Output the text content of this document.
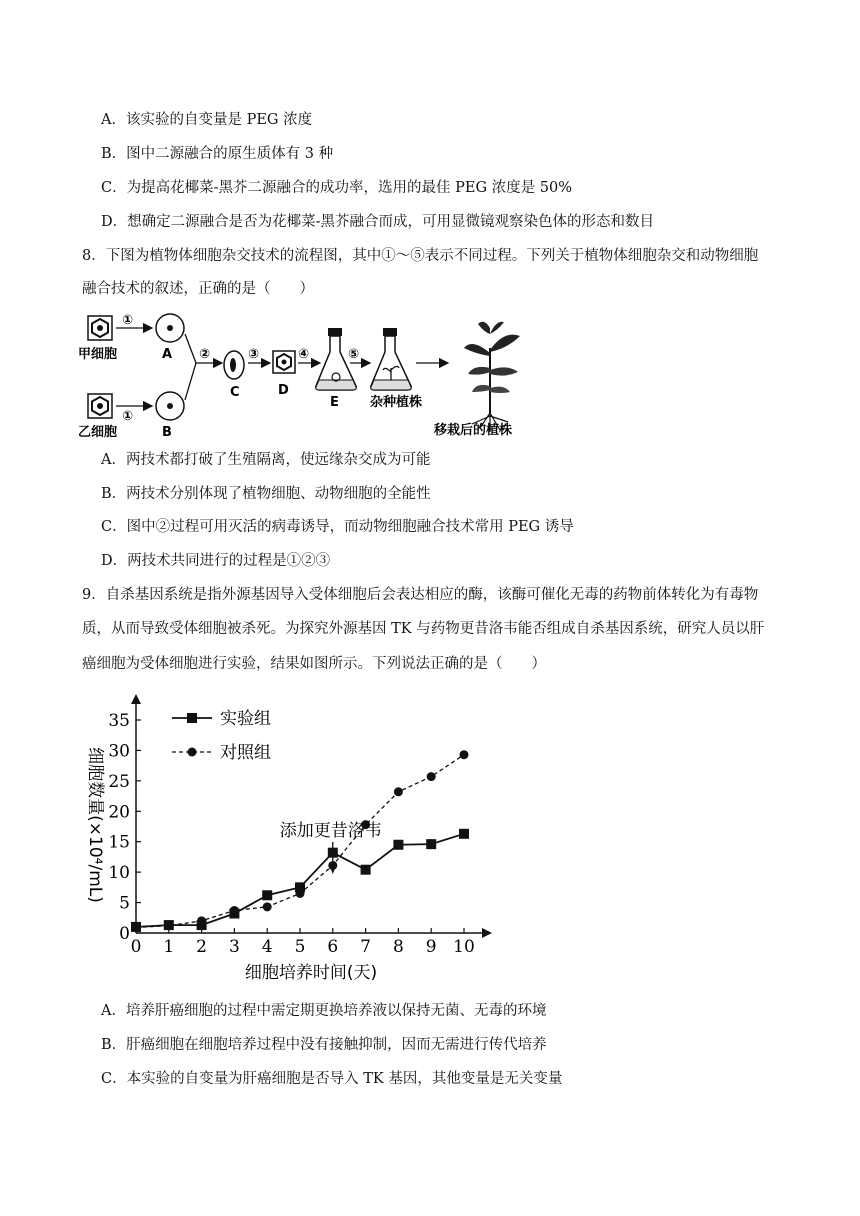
A．该实验的自变量是 PEG 浓度
B．图中二源融合的原生质体有 3 种
C．为提高花椰菜-黑芥二源融合的成功率，选用的最佳 PEG 浓度是 50%
D．想确定二源融合是否为花椰菜-黑芥融合而成，可用显微镜观察染色体的形态和数目
8．下图为植物体细胞杂交技术的流程图，其中①～⑤表示不同过程。下列关于植物体细胞杂交和动物细胞
融合技术的叙述，正确的是（　　）
甲细胞
①
A
乙细胞
①
B
②
C
③
D
④
E
⑤
杂种植株
移栽后的植株
A．两技术都打破了生殖隔离，使远缘杂交成为可能
B．两技术分别体现了植物细胞、动物细胞的全能性
C．图中②过程可用灭活的病毒诱导，而动物细胞融合技术常用 PEG 诱导
D．两技术共同进行的过程是①②③
9．自杀基因系统是指外源基因导入受体细胞后会表达相应的酶，该酶可催化无毒的药物前体转化为有毒物
质，从而导致受体细胞被杀死。为探究外源基因 TK 与药物更昔洛韦能否组成自杀基因系统，研究人员以肝
癌细胞为受体细胞进行实验，结果如图所示。下列说法正确的是（　　）
0
5
10
15
20
25
30
35
0 1 2 3 4 5 6 7 8 9 10
实验组
对照组
细胞数量(×10⁴/mL)
细胞培养时间(天)
添加更昔洛韦
A．培养肝癌细胞的过程中需定期更换培养液以保持无菌、无毒的环境
B．肝癌细胞在细胞培养过程中没有接触抑制，因而无需进行传代培养
C．本实验的自变量为肝癌细胞是否导入 TK 基因，其他变量是无关变量
